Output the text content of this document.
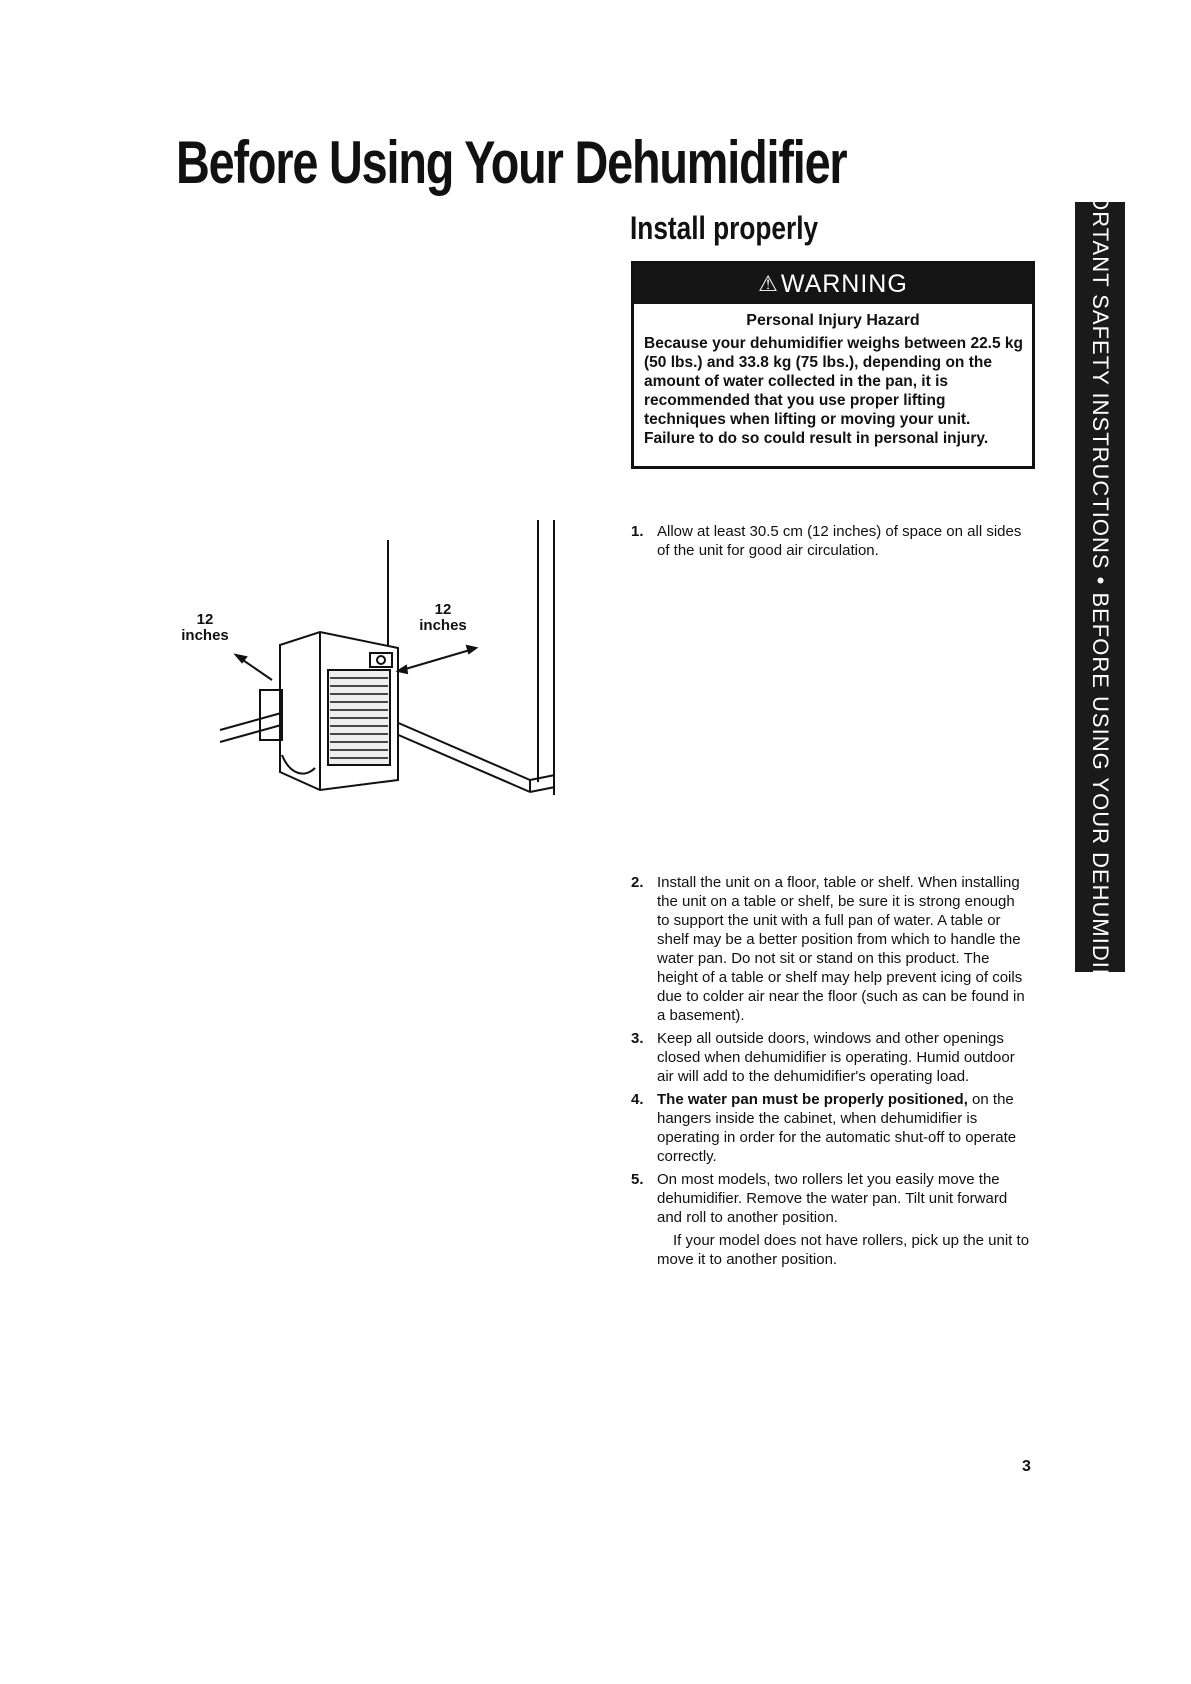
Before Using Your Dehumidifier
Install properly
⚠ WARNING
Personal Injury Hazard
Because your dehumidifier weighs between 22.5 kg (50 lbs.) and 33.8 kg (75 lbs.), depending on the amount of water collected in the pan, it is recommended that you use proper lifting techniques when lifting or moving your unit. Failure to do so could result in personal injury.	IMPORTANT SAFETY INSTRUCTIONS • BEFORE USING YOUR DEHUMIDIFIER
12
inches
12
inches
1. Allow at least 30.5 cm (12 inches) of space on all sides of the unit for good air circulation.
2. Install the unit on a floor, table or shelf. When installing the unit on a table or shelf, be sure it is strong enough to support the unit with a full pan of water. A table or shelf may be a better position from which to handle the water pan. Do not sit or stand on this product. The height of a table or shelf may help prevent icing of coils due to colder air near the floor (such as can be found in a basement).
3. Keep all outside doors, windows and other openings closed when dehumidifier is operating. Humid outdoor air will add to the dehumidifier's operating load.
4. The water pan must be properly positioned, on the hangers inside the cabinet, when dehumidifier is operating in order for the automatic shut-off to operate correctly.
5. On most models, two rollers let you easily move the dehumidifier. Remove the water pan. Tilt unit forward and roll to another position.
If your model does not have rollers, pick up the unit to move it to another position.
3
